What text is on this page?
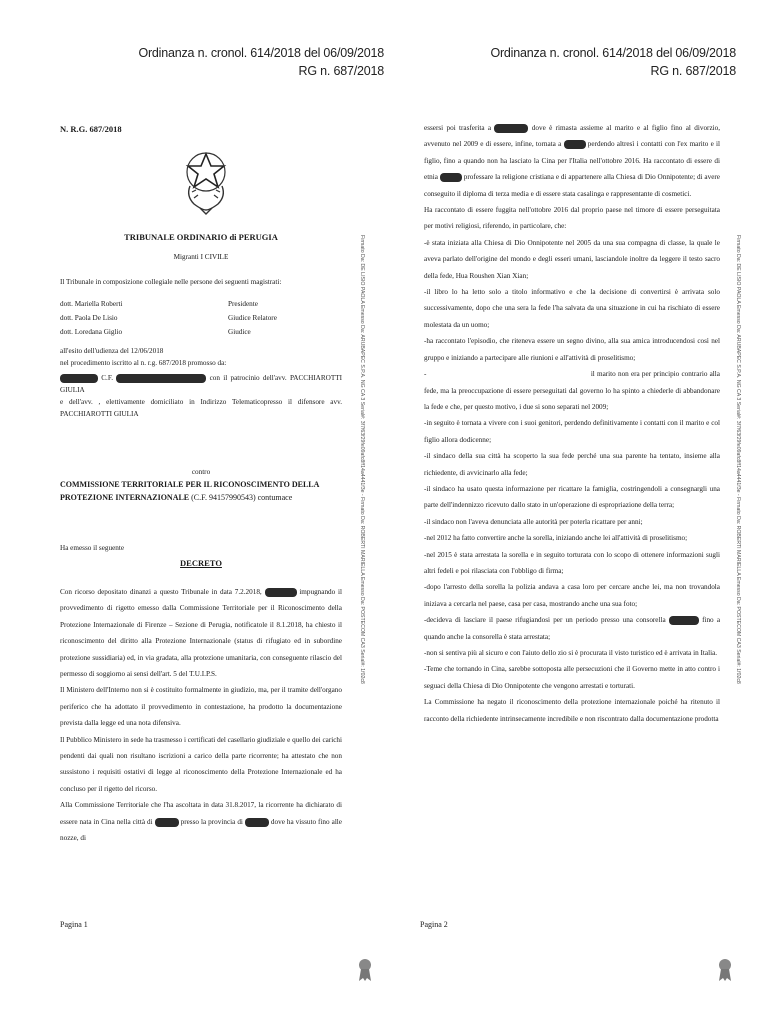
Ordinanza n. cronol. 614/2018 del 06/09/2018
RG n. 687/2018
N. R.G. 687/2018
TRIBUNALE ORDINARIO di PERUGIA
Migranti I CIVILE

Il Tribunale in composizione collegiale nelle persone dei seguenti magistrati:

dott. Mariella Roberti	Presidente
dott. Paola De Lisio	Giudice Relatore
dott. Loredana Giglio	Giudice

all'esito dell'udienza del 12/06/2018

nel procedimento iscritto al n. r.g. 687/2018 promosso da:

C.F.	con il patrocinio dell'avv. PACCHIAROTTI GIULIA

e dell'avv. , elettivamente domiciliato in Indirizzo Telematicopresso il difensore avv. PACCHIAROTTI GIULIA

contro
COMMISSIONE TERRITORIALE PER IL RICONOSCIMENTO DELLA PROTEZIONE INTERNAZIONALE (C.F. 94157990543) contumace
Ha emesso il seguente
DECRETO

Con ricorso depositato dinanzi a questo Tribunale in data 7.2.2018,	impugnando il provvedimento di rigetto emesso dalla Commissione Territoriale per il Riconoscimento della Protezione Internazionale di Firenze – Sezione di Perugia, notificatole il 8.1.2018, ha chiesto il riconoscimento del diritto alla Protezione Internazionale (status di rifugiato ed in subordine protezione sussidiaria) ed, in via gradata, alla protezione umanitaria, con conseguente rilascio del permesso di soggiorno ai sensi dell'art. 5 del T.U.I.P.S.

Il Ministero dell'Interno non si è costituito formalmente in giudizio, ma, per il tramite dell'organo periferico che ha adottato il provvedimento in contestazione, ha prodotto la documentazione prevista dalla legge ed una nota difensiva.

Il Pubblico Ministero in sede ha trasmesso i certificati del casellario giudiziale e quello dei carichi pendenti dai quali non risultano iscrizioni a carico della parte ricorrente; ha attestato che non sussistono i requisiti ostativi di legge al riconoscimento della Protezione Internazionale ed ha concluso per il rigetto del ricorso.

Alla Commissione Territoriale che l'ha ascoltata in data 31.8.2017, la ricorrente ha dichiarato di essere nata in Cina nella città di	presso la provincia di	dove ha vissuto fino alle nozze, di

Pagina 1
Firmato Da: DE LISIO PAOLA Emesso Da: ARUBAPEC S.P.A. NG CA 3 Serial#: 3f7f63f29fe09afc8ff14a4441f3e - Firmato Da: ROBERTI MARIELLA Emesso Da: POSTECOM CA3 Serial#: 1f02c8
Ordinanza n. cronol. 614/2018 del 06/09/2018
RG n. 687/2018

essersi poi trasferita a	dove è rimasta assieme al marito e al figlio fino al divorzio, avvenuto nel 2009 e di essere, infine, tornata a	perdendo altresì i contatti con l'ex marito e il figlio, fino a quando non ha lasciato la Cina per l'Italia nell'ottobre 2016. Ha raccontato di essere di etnia	professare la religione cristiana e di appartenere alla Chiesa di Dio Onnipotente; di avere conseguito il diploma di terza media e di essere stata casalinga e rappresentante di cosmetici.

Ha raccontato di essere fuggita nell'ottobre 2016 dal proprio paese nel timore di essere perseguitata per motivi religiosi, riferendo, in particolare, che:

-è stata iniziata alla Chiesa di Dio Onnipotente nel 2005 da una sua compagna di classe, la quale le aveva parlato dell'origine del mondo e degli esseri umani, lasciandole inoltre da leggere il testo sacro della fede, Hua Roushen Xian Xian;

-il libro lo ha letto solo a titolo informativo e che la decisione di convertirsi è arrivata solo successivamente, dopo che una sera la fede l'ha salvata da una situazione in cui ha rischiato di essere molestata da un uomo;

-ha raccontato l'episodio, che riteneva essere un segno divino, alla sua amica introducendosi così nel gruppo e iniziando a partecipare alle riunioni e all'attività di proselitismo;

-	il marito non era per principio contrario alla fede, ma la preoccupazione di essere perseguitati dal governo lo ha spinto a chiederle di abbandonare la fede e che, per questo motivo, i due si sono separati nel 2009;

-in seguito è tornata a vivere con i suoi genitori, perdendo definitivamente i contatti con il marito e col figlio allora dodicenne;

-il sindaco della sua città ha scoperto la sua fede perché una sua parente ha tentato, insieme alla richiedente, di avvicinarlo alla fede;

-il sindaco ha usato questa informazione per ricattare la famiglia, costringendoli a consegnargli una parte dell'indennizzo ricevuto dallo stato in un'operazione di espropriazione della terra;

-il sindaco non l'aveva denunciata alle autorità per poterla ricattare per anni;

-nel 2012 ha fatto convertire anche la sorella, iniziando anche lei all'attività di proselitismo;

-nel 2015 è stata arrestata la sorella e in seguito torturata con lo scopo di ottenere informazioni sugli altri fedeli e poi rilasciata con l'obbligo di firma;

-dopo l'arresto della sorella la polizia andava a casa loro per cercare anche lei, ma non trovandola iniziava a cercarla nel paese, casa per casa, mostrando anche una sua foto;

-decideva di lasciare il paese rifugiandosi per un periodo presso una consorella	fino a quando anche la consorella è stata arrestata;

-non si sentiva più al sicuro e con l'aiuto dello zio si è procurata il visto turistico ed è arrivata in Italia.

-Teme che tornando in Cina, sarebbe sottoposta alle persecuzioni che il Governo mette in atto contro i seguaci della Chiesa di Dio Onnipotente che vengono arrestati e torturati.

La Commissione ha negato il riconoscimento della protezione internazionale poiché ha ritenuto il racconto della richiedente intrinsecamente incredibile e non riscontrato dalla documentazione prodotta

Pagina 2
Firmato Da: DE LISIO PAOLA Emesso Da: ARUBAPEC S.P.A. NG CA 3 Serial#: 3f7f63f29fe09afc8ff14a4441f3e - Firmato Da: ROBERTI MARIELLA Emesso Da: POSTECOM CA3 Serial#: 1f02c8
